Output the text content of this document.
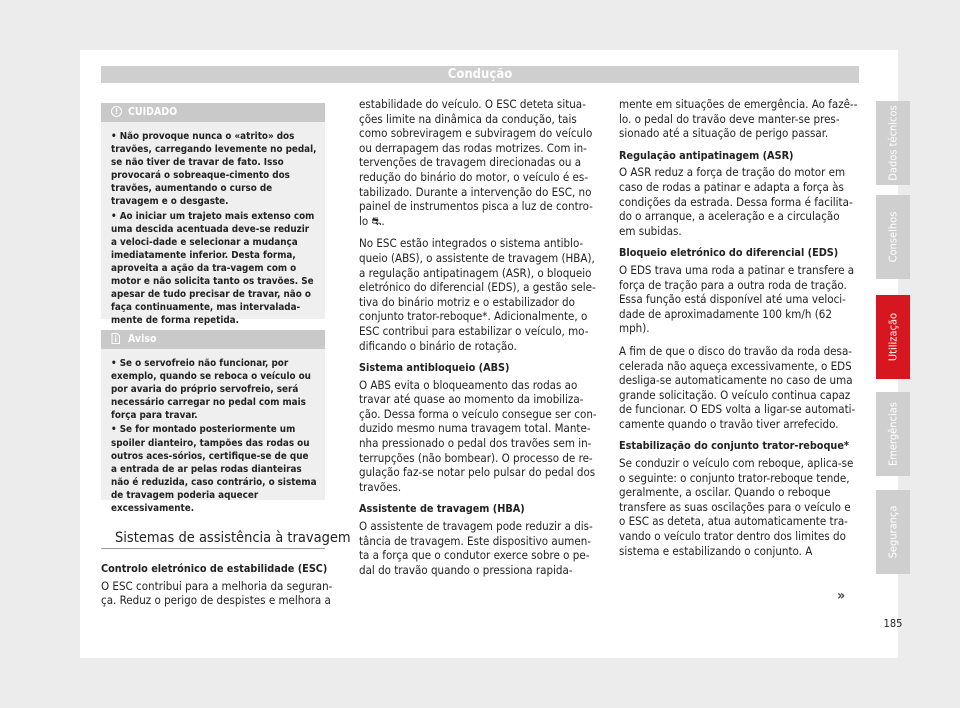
Condução
! CUIDADO
• Não provoque nunca o «atrito» dos travões, carregando levemente no pedal, se não tiver de travar de fato. Isso provocará o sobreaque-cimento dos travões, aumentando o curso de travagem e o desgaste.
• Ao iniciar um trajeto mais extenso com uma descida acentuada deve-se reduzir a veloci-dade e selecionar a mudança imediatamente inferior. Desta forma, aproveita a ação da tra-vagem com o motor e não solicita tanto os travões. Se apesar de tudo precisar de travar, não o faça continuamente, mas intervalada-mente de forma repetida.
Aviso
• Se o servofreio não funcionar, por exemplo, quando se reboca o veículo ou por avaria do próprio servofreio, será necessário carregar no pedal com mais força para travar.
• Se for montado posteriormente um spoiler dianteiro, tampões das rodas ou outros aces-sórios, certifique-se de que a entrada de ar pelas rodas dianteiras não é reduzida, caso contrário, o sistema de travagem poderia aquecer excessivamente.
Sistemas de assistência à travagem

Controlo eletrónico de estabilidade (ESC)

O ESC contribui para a melhoria da seguran-ça. Reduz o perigo de despistes e melhora a

estabilidade do veículo. O ESC deteta situa-ções limite na dinâmica da condução, tais como sobreviragem e subviragem do veículo ou derrapagem das rodas motrizes. Com in-tervenções de travagem direcionadas ou a redução do binário do motor, o veículo é es-tabilizado. Durante a intervenção do ESC, no painel de instrumentos pisca a luz de contro-lo ⛐.

No ESC estão integrados o sistema antiblo-queio (ABS), o assistente de travagem (HBA), a regulação antipatinagem (ASR), o bloqueio eletrónico do diferencial (EDS), a gestão sele-tiva do binário motriz e o estabilizador do conjunto trator-reboque*. Adicionalmente, o ESC contribui para estabilizar o veículo, mo-dificando o binário de rotação.

Sistema antibloqueio (ABS)

O ABS evita o bloqueamento das rodas ao travar até quase ao momento da imobiliza-ção. Dessa forma o veículo consegue ser con-duzido mesmo numa travagem total. Mante-nha pressionado o pedal dos travões sem in-terrupções (não bombear). O processo de re-gulação faz-se notar pelo pulsar do pedal dos travões.

Assistente de travagem (HBA)

O assistente de travagem pode reduzir a dis-tância de travagem. Este dispositivo aumen-ta a força que o condutor exerce sobre o pe-dal do travão quando o pressiona rapida-

mente em situações de emergência. Ao fazê--lo. o pedal do travão deve manter-se pres-sionado até a situação de perigo passar.

Regulação antipatinagem (ASR)

O ASR reduz a força de tração do motor em caso de rodas a patinar e adapta a força às condições da estrada. Dessa forma é facilita-do o arranque, a aceleração e a circulação em subidas.

Bloqueio eletrónico do diferencial (EDS)

O EDS trava uma roda a patinar e transfere a força de tração para a outra roda de tração. Essa função está disponível até uma veloci-dade de aproximadamente 100 km/h (62 mph).

A fim de que o disco do travão da roda desa-celerada não aqueça excessivamente, o EDS desliga-se automaticamente no caso de uma grande solicitação. O veículo continua capaz de funcionar. O EDS volta a ligar-se automati-camente quando o travão tiver arrefecido.

Estabilização do conjunto trator-reboque*

Se conduzir o veículo com reboque, aplica-se o seguinte: o conjunto trator-reboque tende, geralmente, a oscilar. Quando o reboque transfere as suas oscilações para o veículo e o ESC as deteta, atua automaticamente tra-vando o veículo trator dentro dos limites do sistema e estabilizando o conjunto. A

»
Dados técnicos
Conselhos
Utilização
Emergências
Segurança
185
